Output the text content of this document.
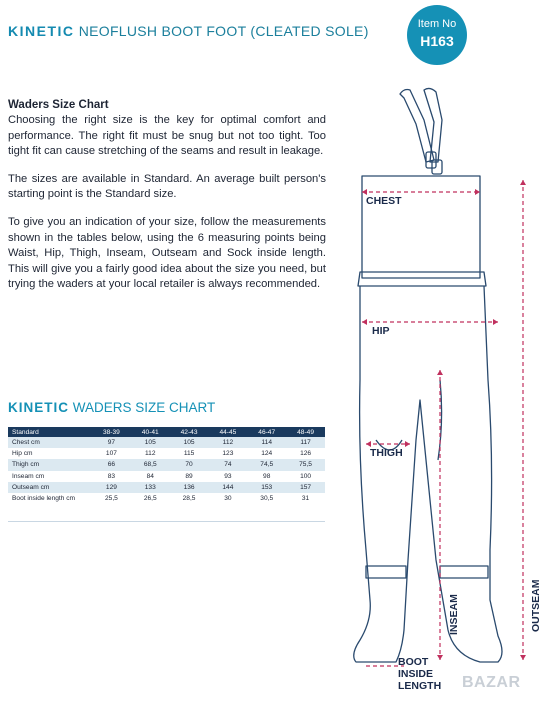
KINETIC NEOFLUSH BOOT FOOT (CLEATED SOLE)	Item No
H163
Waders Size Chart

Choosing the right size is the key for optimal comfort and performance. The right fit must be snug but not too tight. Too tight fit can cause stretching of the seams and result in leakage.

The sizes are available in Standard. An average built person's starting point is the Standard size.

To give you an indication of your size, follow the measurements shown in the tables below, using the 6 measuring points being Waist, Hip, Thigh, Inseam, Outseam and Sock inside length. This will give you a fairly good idea about the size you need, but trying the waders at your local retailer is always recommended.

KINETIC WADERS SIZE CHART
Standard	38-39	40-41	42-43	44-45	46-47	48-49
Chest cm	97	105	105	112	114	117
Hip cm	107	112	115	123	124	126
Thigh cm	66	68,5	70	74	74,5	75,5
Inseam cm	83	84	89	93	98	100
Outseam cm	129	133	136	144	153	157
Boot inside length cm	25,5	26,5	28,5	30	30,5	31
CHEST
HIP
THIGH
INSEAM	OUTSEAM
BOOT
INSIDE
LENGTH BAZAR
